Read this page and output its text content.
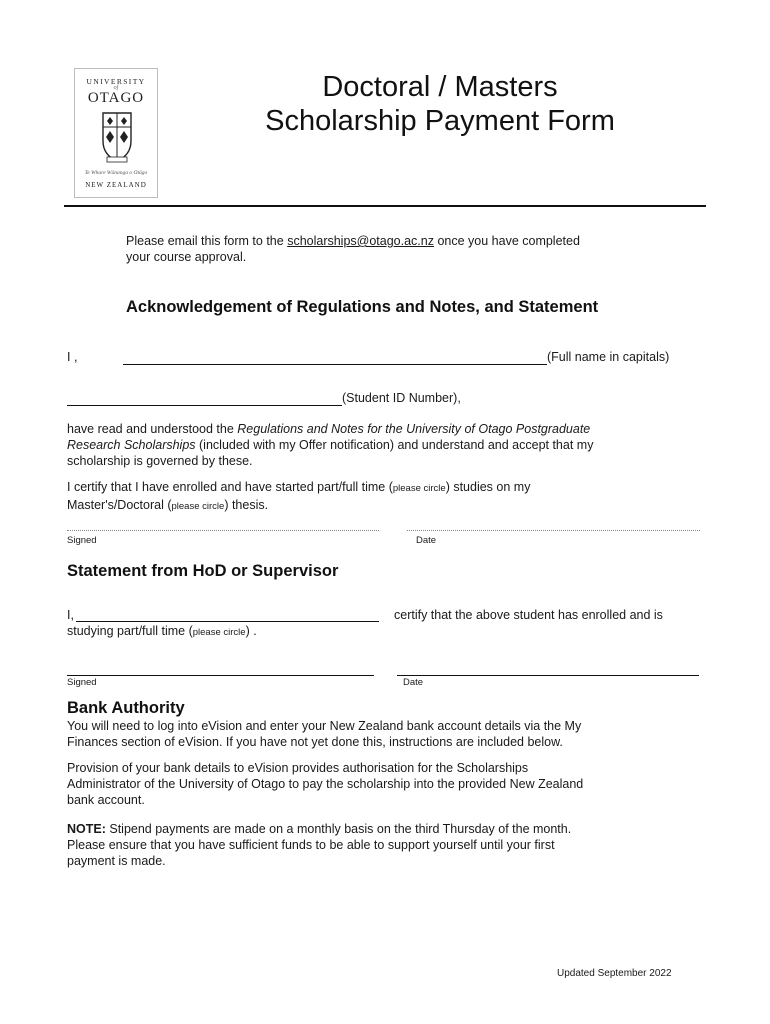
UNIVERSITY
of
OTAGO
Te Whare Wānanga o Otāgo
NEW ZEALAND
Doctoral / Masters
Scholarship Payment Form
Please email this form to the scholarships@otago.ac.nz once you have completed
your course approval.
Acknowledgement of Regulations and Notes, and Statement
I ,	(Full name in capitals)
(Student ID Number),
have read and understood the Regulations and Notes for the University of Otago Postgraduate
Research Scholarships (included with my Offer notification) and understand and accept that my
scholarship is governed by these.
I certify that I have enrolled and have started part/full time (please circle) studies on my
Master's/Doctoral (please circle) thesis.
Signed	Date
Statement from HoD or Supervisor
I,	certify that the above student has enrolled and is
studying part/full time (please circle) .
Signed	Date
Bank Authority
You will need to log into eVision and enter your New Zealand bank account details via the My
Finances section of eVision. If you have not yet done this, instructions are included below.
Provision of your bank details to eVision provides authorisation for the Scholarships
Administrator of the University of Otago to pay the scholarship into the provided New Zealand
bank account.
NOTE: Stipend payments are made on a monthly basis on the third Thursday of the month.
Please ensure that you have sufficient funds to be able to support yourself until your first
payment is made.
Updated September 2022
